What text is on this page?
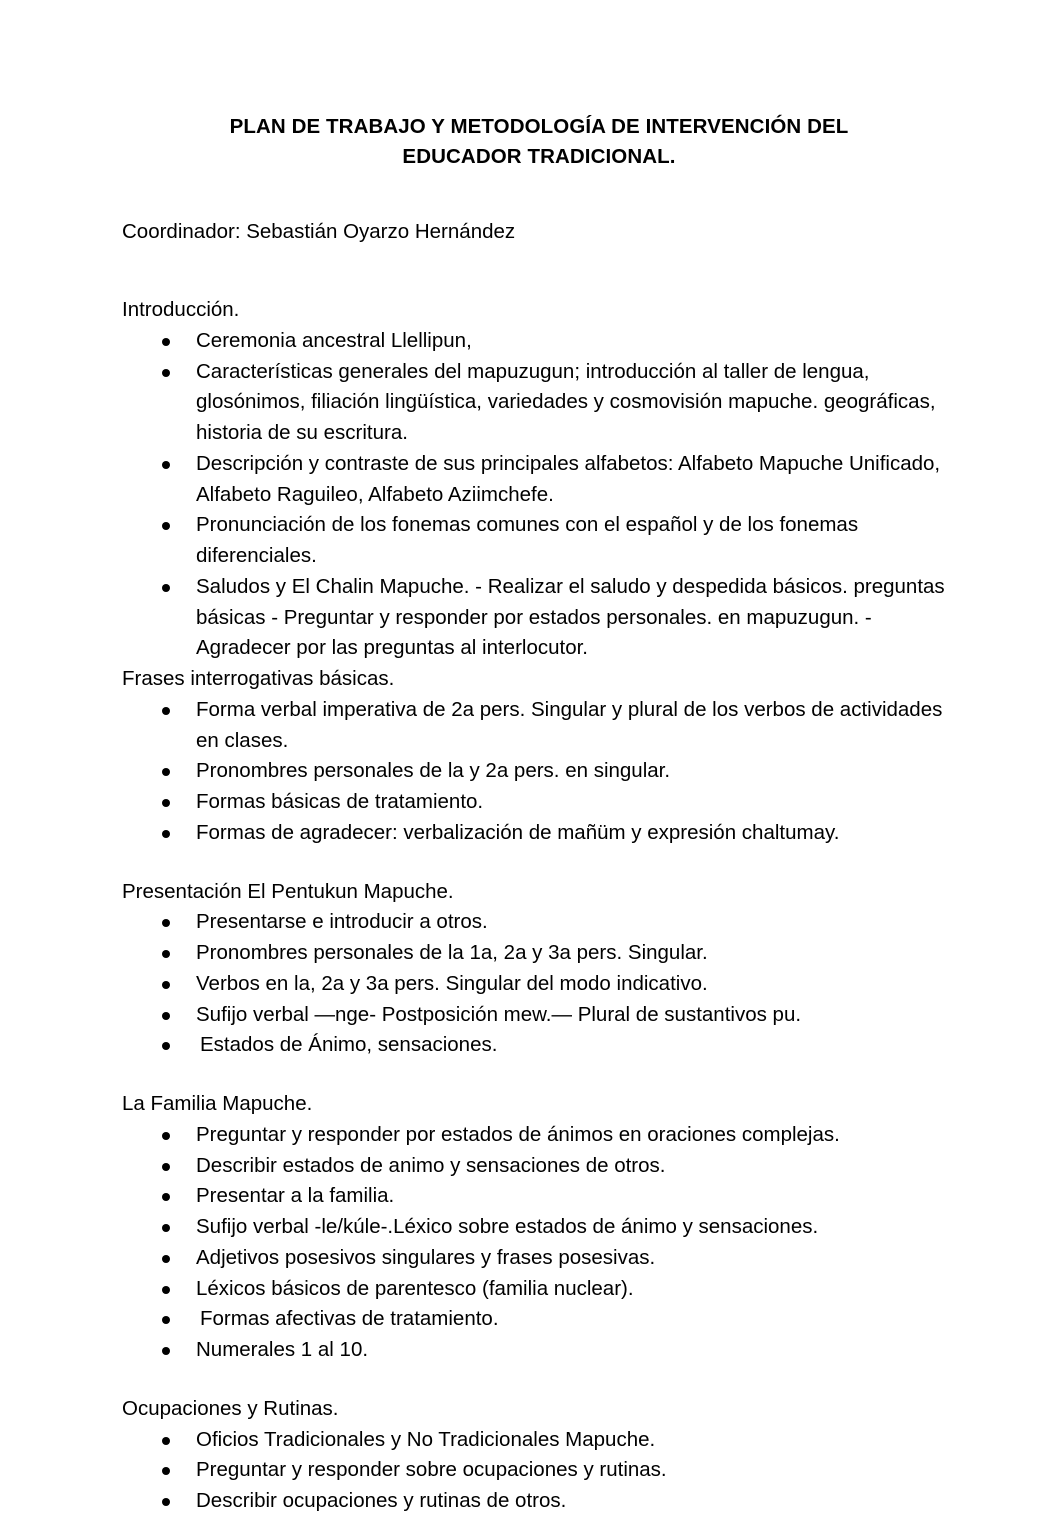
PLAN DE TRABAJO Y METODOLOGÍA DE INTERVENCIÓN DEL
EDUCADOR TRADICIONAL.

Coordinador: Sebastián Oyarzo Hernández

Introducción.

Ceremonia ancestral Llellipun,
Características generales del mapuzugun; introducción al taller de lengua, glosónimos, filiación lingüística, variedades y cosmovisión mapuche. geográficas, historia de su escritura.
Descripción y contraste de sus principales alfabetos: Alfabeto Mapuche Unificado, Alfabeto Raguileo, Alfabeto Aziimchefe.
Pronunciación de los fonemas comunes con el español y de los fonemas diferenciales.
Saludos y El Chalin Mapuche. - Realizar el saludo y despedida básicos. preguntas básicas - Preguntar y responder por estados personales. en mapuzugun. - Agradecer por las preguntas al interlocutor.

Frases interrogativas básicas.

Forma verbal imperativa de 2a pers. Singular y plural de los verbos de actividades en clases.
Pronombres personales de la y 2a pers. en singular.
Formas básicas de tratamiento.
Formas de agradecer: verbalización de mañüm y expresión chaltumay.

Presentación El Pentukun Mapuche.

Presentarse e introducir a otros.
Pronombres personales de la 1a, 2a y 3a pers. Singular.
Verbos en la, 2a y 3a pers. Singular del modo indicativo.
Sufijo verbal —nge- Postposición mew.— Plural de sustantivos pu.
Estados de Ánimo, sensaciones.

La Familia Mapuche.

Preguntar y responder por estados de ánimos en oraciones complejas.
Describir estados de animo y sensaciones de otros.
Presentar a la familia.
Sufijo verbal -le/kúle-.Léxico sobre estados de ánimo y sensaciones.
Adjetivos posesivos singulares y frases posesivas.
Léxicos básicos de parentesco (familia nuclear).
Formas afectivas de tratamiento.
Numerales 1 al 10.

Ocupaciones y Rutinas.

Oficios Tradicionales y No Tradicionales Mapuche.
Preguntar y responder sobre ocupaciones y rutinas.
Describir ocupaciones y rutinas de otros.
